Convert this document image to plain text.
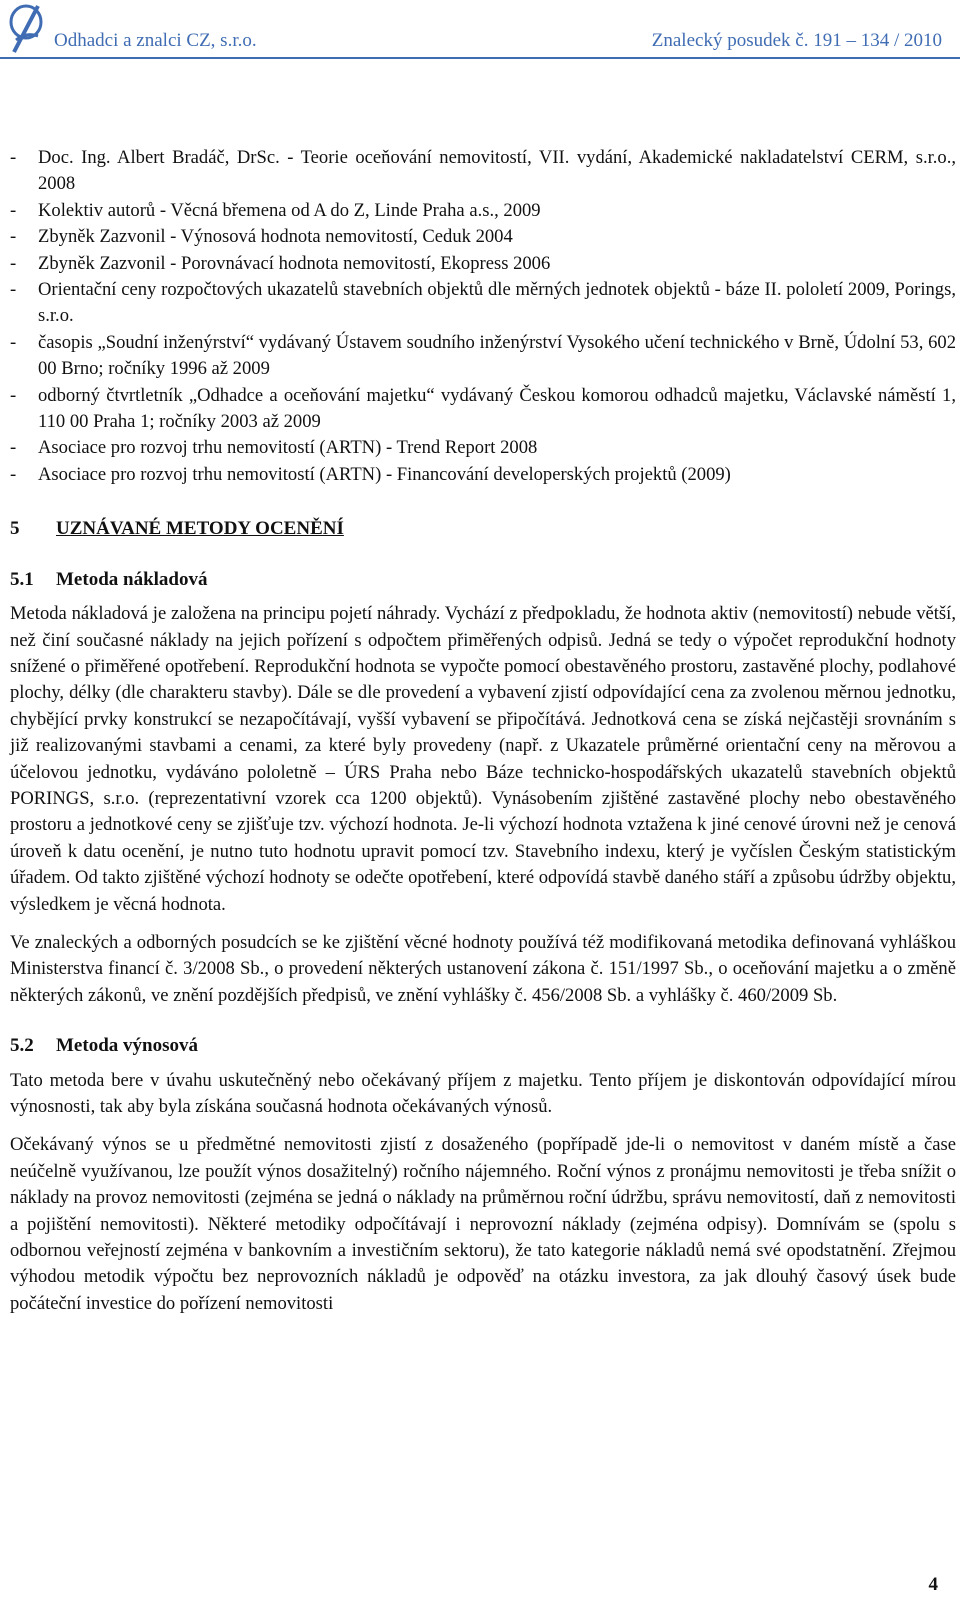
Odhadci a znalci CZ, s.r.o.	Znalecký posudek č. 191 – 134 / 2010
- Doc. Ing. Albert Bradáč, DrSc. - Teorie oceňování nemovitostí, VII. vydání, Akademické nakladatelství CERM, s.r.o., 2008
- Kolektiv autorů - Věcná břemena od A do Z, Linde Praha a.s., 2009
- Zbyněk Zazvonil - Výnosová hodnota nemovitostí, Ceduk 2004
- Zbyněk Zazvonil - Porovnávací hodnota nemovitostí, Ekopress 2006
- Orientační ceny rozpočtových ukazatelů stavebních objektů dle měrných jednotek objektů - báze II. pololetí 2009, Porings, s.r.o.
- časopis „Soudní inženýrství“ vydávaný Ústavem soudního inženýrství Vysokého učení technického v Brně, Údolní 53, 602 00 Brno; ročníky 1996 až 2009
- odborný čtvrtletník „Odhadce a oceňování majetku“ vydávaný Českou komorou odhadců majetku, Václavské náměstí 1, 110 00 Praha 1; ročníky 2003 až 2009
- Asociace pro rozvoj trhu nemovitostí (ARTN) - Trend Report 2008
- Asociace pro rozvoj trhu nemovitostí (ARTN) - Financování developerských projektů (2009)
5 UZNÁVANÉ METODY OCENĚNÍ
5.1 Metoda nákladová

Metoda nákladová je založena na principu pojetí náhrady. Vychází z předpokladu, že hodnota aktiv (nemovitostí) nebude větší, než činí současné náklady na jejich pořízení s odpočtem přiměřených odpisů. Jedná se tedy o výpočet reprodukční hodnoty snížené o přiměřené opotřebení. Reprodukční hodnota se vypočte pomocí obestavěného prostoru, zastavěné plochy, podlahové plochy, délky (dle charakteru stavby). Dále se dle provedení a vybavení zjistí odpovídající cena za zvolenou měrnou jednotku, chybějící prvky konstrukcí se nezapočítávají, vyšší vybavení se připočítává. Jednotková cena se získá nejčastěji srovnáním s již realizovanými stavbami a cenami, za které byly provedeny (např. z Ukazatele průměrné orientační ceny na měrovou a účelovou jednotku, vydáváno pololetně – ÚRS Praha nebo Báze technicko-hospodářských ukazatelů stavebních objektů PORINGS, s.r.o. (reprezentativní vzorek cca 1200 objektů). Vynásobením zjištěné zastavěné plochy nebo obestavěného prostoru a jednotkové ceny se zjišťuje tzv. výchozí hodnota. Je-li výchozí hodnota vztažena k jiné cenové úrovni než je cenová úroveň k datu ocenění, je nutno tuto hodnotu upravit pomocí tzv. Stavebního indexu, který je vyčíslen Českým statistickým úřadem. Od takto zjištěné výchozí hodnoty se odečte opotřebení, které odpovídá stavbě daného stáří a způsobu údržby objektu, výsledkem je věcná hodnota.

Ve znaleckých a odborných posudcích se ke zjištění věcné hodnoty používá též modifikovaná metodika definovaná vyhláškou Ministerstva financí č. 3/2008 Sb., o provedení některých ustanovení zákona č. 151/1997 Sb., o oceňování majetku a o změně některých zákonů, ve znění pozdějších předpisů, ve znění vyhlášky č. 456/2008 Sb. a vyhlášky č. 460/2009 Sb.

5.2 Metoda výnosová

Tato metoda bere v úvahu uskutečněný nebo očekávaný příjem z majetku. Tento příjem je diskontován odpovídající mírou výnosnosti, tak aby byla získána současná hodnota očekávaných výnosů.

Očekávaný výnos se u předmětné nemovitosti zjistí z dosaženého (popřípadě jde-li o nemovitost v daném místě a čase neúčelně využívanou, lze použít výnos dosažitelný) ročního nájemného. Roční výnos z pronájmu nemovitosti je třeba snížit o náklady na provoz nemovitosti (zejména se jedná o náklady na průměrnou roční údržbu, správu nemovitostí, daň z nemovitosti a pojištění nemovitosti). Některé metodiky odpočítávají i neprovozní náklady (zejména odpisy). Domnívám se (spolu s odbornou veřejností zejména v bankovním a investičním sektoru), že tato kategorie nákladů nemá své opodstatnění. Zřejmou výhodou metodik výpočtu bez neprovozních nákladů je odpověď na otázku investora, za jak dlouhý časový úsek bude počáteční investice do pořízení nemovitosti

4
